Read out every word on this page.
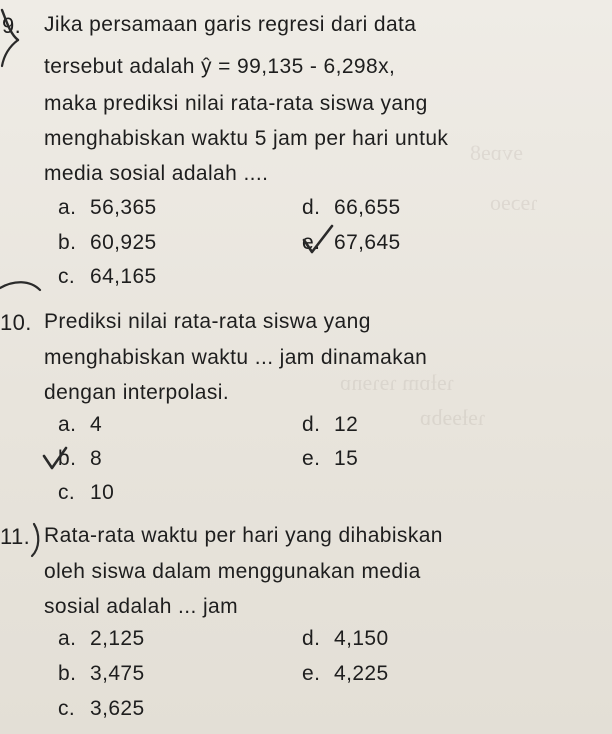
ɘvɒɘ8
ɿɘɔɘo
ɿɘƚɒm ɿɘɿɘnɒ
ɿɘƚɘɘbɒ
9. Jika persamaan garis regresi dari data
tersebut adalah ŷ = 99,135 - 6,298x,
maka prediksi nilai rata-rata siswa yang
menghabiskan waktu 5 jam per hari untuk
media sosial adalah ....
a. 56,365
b. 60,925
c. 64,165
d. 66,655
e. 67,645
10. Prediksi nilai rata-rata siswa yang
menghabiskan waktu ... jam dinamakan
dengan interpolasi.
a. 4
b. 8
c. 10
d. 12
e. 15
11. Rata-rata waktu per hari yang dihabiskan
oleh siswa dalam menggunakan media
sosial adalah ... jam
a. 2,125
b. 3,475
c. 3,625
d. 4,150
e. 4,225
